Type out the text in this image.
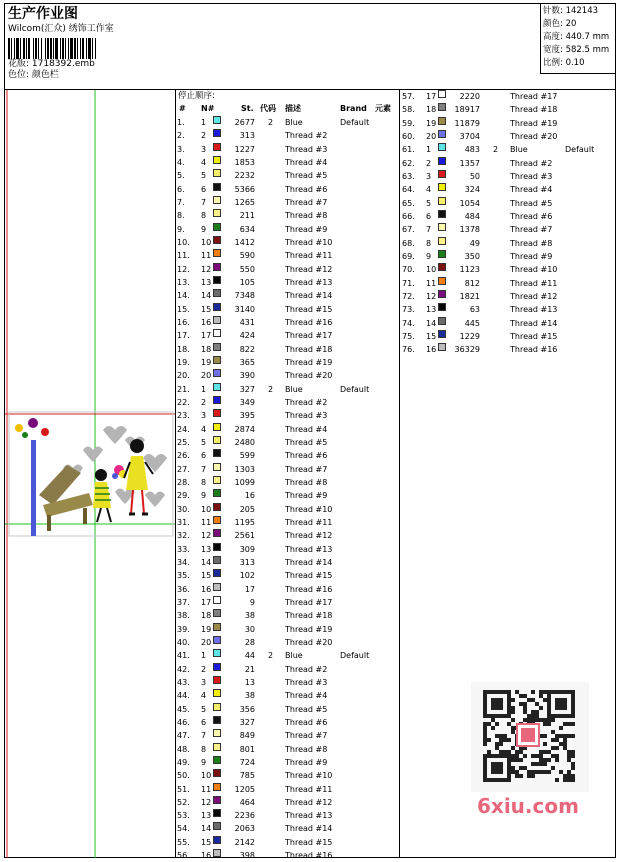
生产作业图
Wilcom(汇众) 绣饰工作室
花版: 1718392.emb
色位: 颜色栏
针数: 142143
颜色: 20
高度: 440.7 mm
宽度: 582.5 mm
比例: 0.10
停止顺序:
# N#	St. 代码 描述	Brand 元素
1. 1	2677 2 Blue	Default
2. 2	313	Thread #2
3. 3	1227	Thread #3
4. 4	1853	Thread #4
5. 5	2232	Thread #5
6. 6	5366	Thread #6
7. 7	1265	Thread #7
8. 8	211	Thread #8
9. 9	634	Thread #9
10. 10	1412	Thread #10
11. 11	590	Thread #11
12. 12	550	Thread #12
13. 13	105	Thread #13
14. 14	7348	Thread #14
15. 15	3140	Thread #15
16. 16	431	Thread #16
17. 17	424	Thread #17
18. 18	822	Thread #18
19. 19	365	Thread #19
20. 20	390	Thread #20
21. 1	327 2 Blue	Default
22. 2	349	Thread #2
23. 3	395	Thread #3
24. 4	2874	Thread #4
25. 5	2480	Thread #5
26. 6	599	Thread #6
27. 7	1303	Thread #7
28. 8	1099	Thread #8
29. 9	16	Thread #9
30. 10	205	Thread #10
31. 11	1195	Thread #11
32. 12	2561	Thread #12
33. 13	309	Thread #13
34. 14	313	Thread #14
35. 15	102	Thread #15
36. 16	17	Thread #16
37. 17	9	Thread #17
38. 18	38	Thread #18
39. 19	30	Thread #19
40. 20	28	Thread #20
41. 1	44 2 Blue	Default
42. 2	21	Thread #2
43. 3	13	Thread #3
44. 4	38	Thread #4
45. 5	356	Thread #5
46. 6	327	Thread #6
47. 7	849	Thread #7
48. 8	801	Thread #8
49. 9	724	Thread #9
50. 10	785	Thread #10
51. 11	1205	Thread #11
52. 12	464	Thread #12
53. 13	2236	Thread #13
54. 14	2063	Thread #14
55. 15	2142	Thread #15
56. 16	398	Thread #16
57. 17	2220	Thread #17
58. 18 18917	Thread #18
59. 19 11879	Thread #19
60. 20	3704	Thread #20
61. 1	483 2 Blue	Default
62. 2	1357	Thread #2
63. 3	50	Thread #3
64. 4	324	Thread #4
65. 5	1054	Thread #5
66. 6	484	Thread #6
67. 7	1378	Thread #7
68. 8	49	Thread #8
69. 9	350	Thread #9
70. 10	1123	Thread #10
71. 11	812	Thread #11
72. 12	1821	Thread #12
73. 13	63	Thread #13
74. 14	445	Thread #14
75. 15	1229	Thread #15
76. 16 36329	Thread #16
6xiu.com
